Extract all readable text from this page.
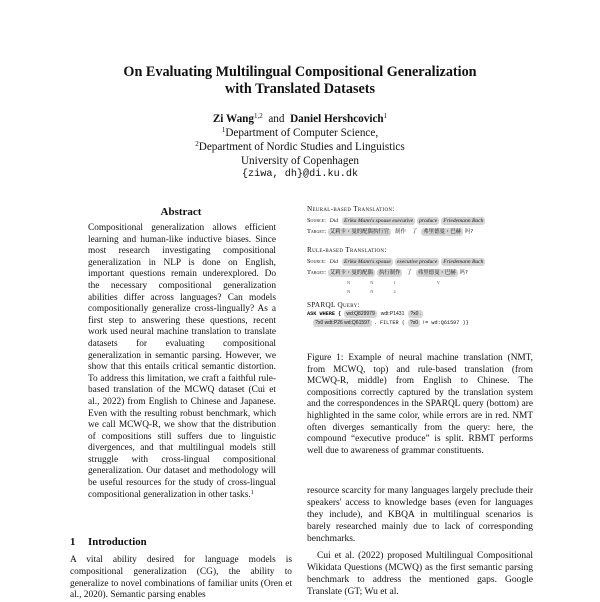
On Evaluating Multilingual Compositional Generalization
with Translated Datasets
Zi Wang$^{1,2}$ and Daniel Hershcovich$^1$
$^1$Department of Computer Science,
$^2$Department of Nordic Studies and Linguistics
University of Copenhagen
{ziwa, dh}@di.ku.dk
Abstract
Compositional generalization allows efficient learning and human-like inductive biases. Since most research investigating compositional generalization in NLP is done on English, important questions remain underexplored. Do the necessary compositional generalization abilities differ across languages? Can models compositionally generalize cross-lingually? As a first step to answering these questions, recent work used neural machine translation to translate datasets for evaluating compositional generalization in semantic parsing. However, we show that this entails critical semantic distortion. To address this limitation, we craft a faithful rule-based translation of the MCWQ dataset (Cui et al., 2022) from English to Chinese and Japanese. Even with the resulting robust benchmark, which we call MCWQ-R, we show that the distribution of compositions still suffers due to linguistic divergences, and that multilingual models still struggle with cross-lingual compositional generalization. Our dataset and methodology will be useful resources for the study of cross-lingual compositional generalization in other tasks.$^1$
1 Introduction
A vital ability desired for language models is compositional generalization (CG), the ability to generalize to novel combinations of familiar units (Oren et al., 2020). Semantic parsing enables
Neural-based Translation:
Source: Did Erika Mann's spouse executive produce Friedemann Bach
Target: 艾莉卡・曼的配偶执行官 制作 了 弗里德曼・巴赫 吗?
Rule-based Translation:
Source: Did Erika Mann's spouse executive produce Friedemann Bach
Target: 艾莉卡・曼的配偶 执行制作 了 弗里德曼・巴赫 吗?
NN1 V NN2
SPARQL Query:
ASK WHERE { wd:Q829979 wdt:P1431 ?x0 .
?x0 wdt:P26 wd:Q61597 . FILTER ( ?x0 != wd:Q61597 )}
Figure 1: Example of neural machine translation (NMT, from MCWQ, top) and rule-based translation (from MCWQ-R, middle) from English to Chinese. The compositions correctly captured by the translation system and the correspondences in the SPARQL query (bottom) are highlighted in the same color, while errors are in red. NMT often diverges semantically from the query: here, the compound “executive produce” is split. RBMT performs well due to awareness of grammar constituents.

resource scarcity for many languages largely preclude their speakers' access to knowledge bases (even for languages they include), and KBQA in multilingual scenarios is barely researched mainly due to lack of corresponding benchmarks.

Cui et al. (2022) proposed Multilingual Compositional Wikidata Questions (MCWQ) as the first semantic parsing benchmark to address the mentioned gaps. Google Translate (GT; Wu et al.
